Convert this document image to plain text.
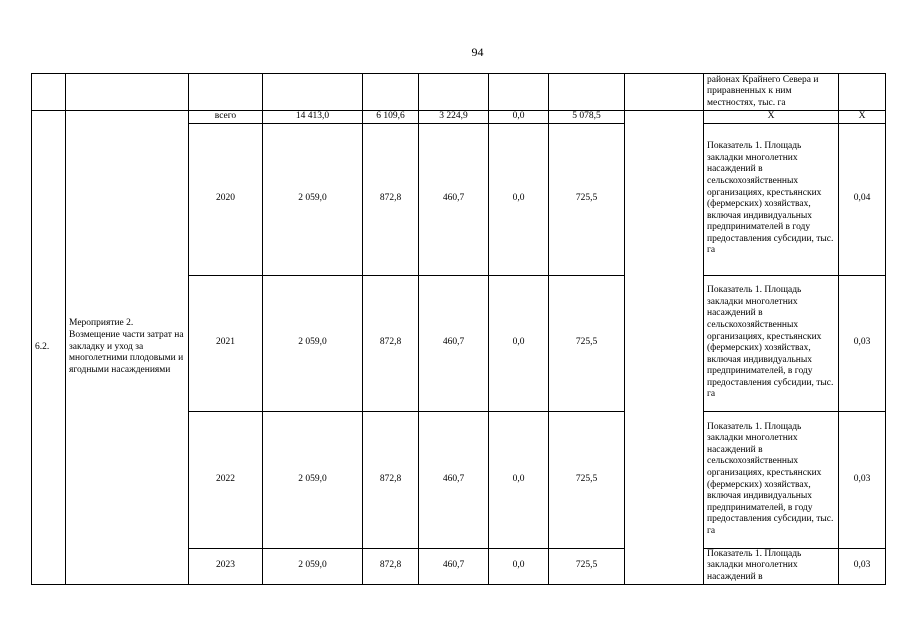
94
									районах Крайнего Севера и приравненных к ним местностях, тыс. га	
6.2.	Мероприятие 2. Возмещение части затрат на закладку и уход за многолетними плодовыми и ягодными насаждениями	всего	14 413,0	6 109,6	3 224,9	0,0	5 078,5		X	X
		2020	2 059,0	872,8	460,7	0,0	725,5		Показатель 1. Площадь закладки многолетних насаждений в сельскохозяйственных организациях, крестьянских (фермерских) хозяйствах, включая индивидуальных предпринимателей в году предоставления субсидии, тыс. га	0,04
		2021	2 059,0	872,8	460,7	0,0	725,5		Показатель 1. Площадь закладки многолетних насаждений в сельскохозяйственных организациях, крестьянских (фермерских) хозяйствах, включая индивидуальных предпринимателей, в году предоставления субсидии, тыс. га	0,03
		2022	2 059,0	872,8	460,7	0,0	725,5		Показатель 1. Площадь закладки многолетних насаждений в сельскохозяйственных организациях, крестьянских (фермерских) хозяйствах, включая индивидуальных предпринимателей, в году предоставления субсидии, тыс. га	0,03
		2023	2 059,0	872,8	460,7	0,0	725,5		Показатель 1. Площадь закладки многолетних насаждений в	0,03
